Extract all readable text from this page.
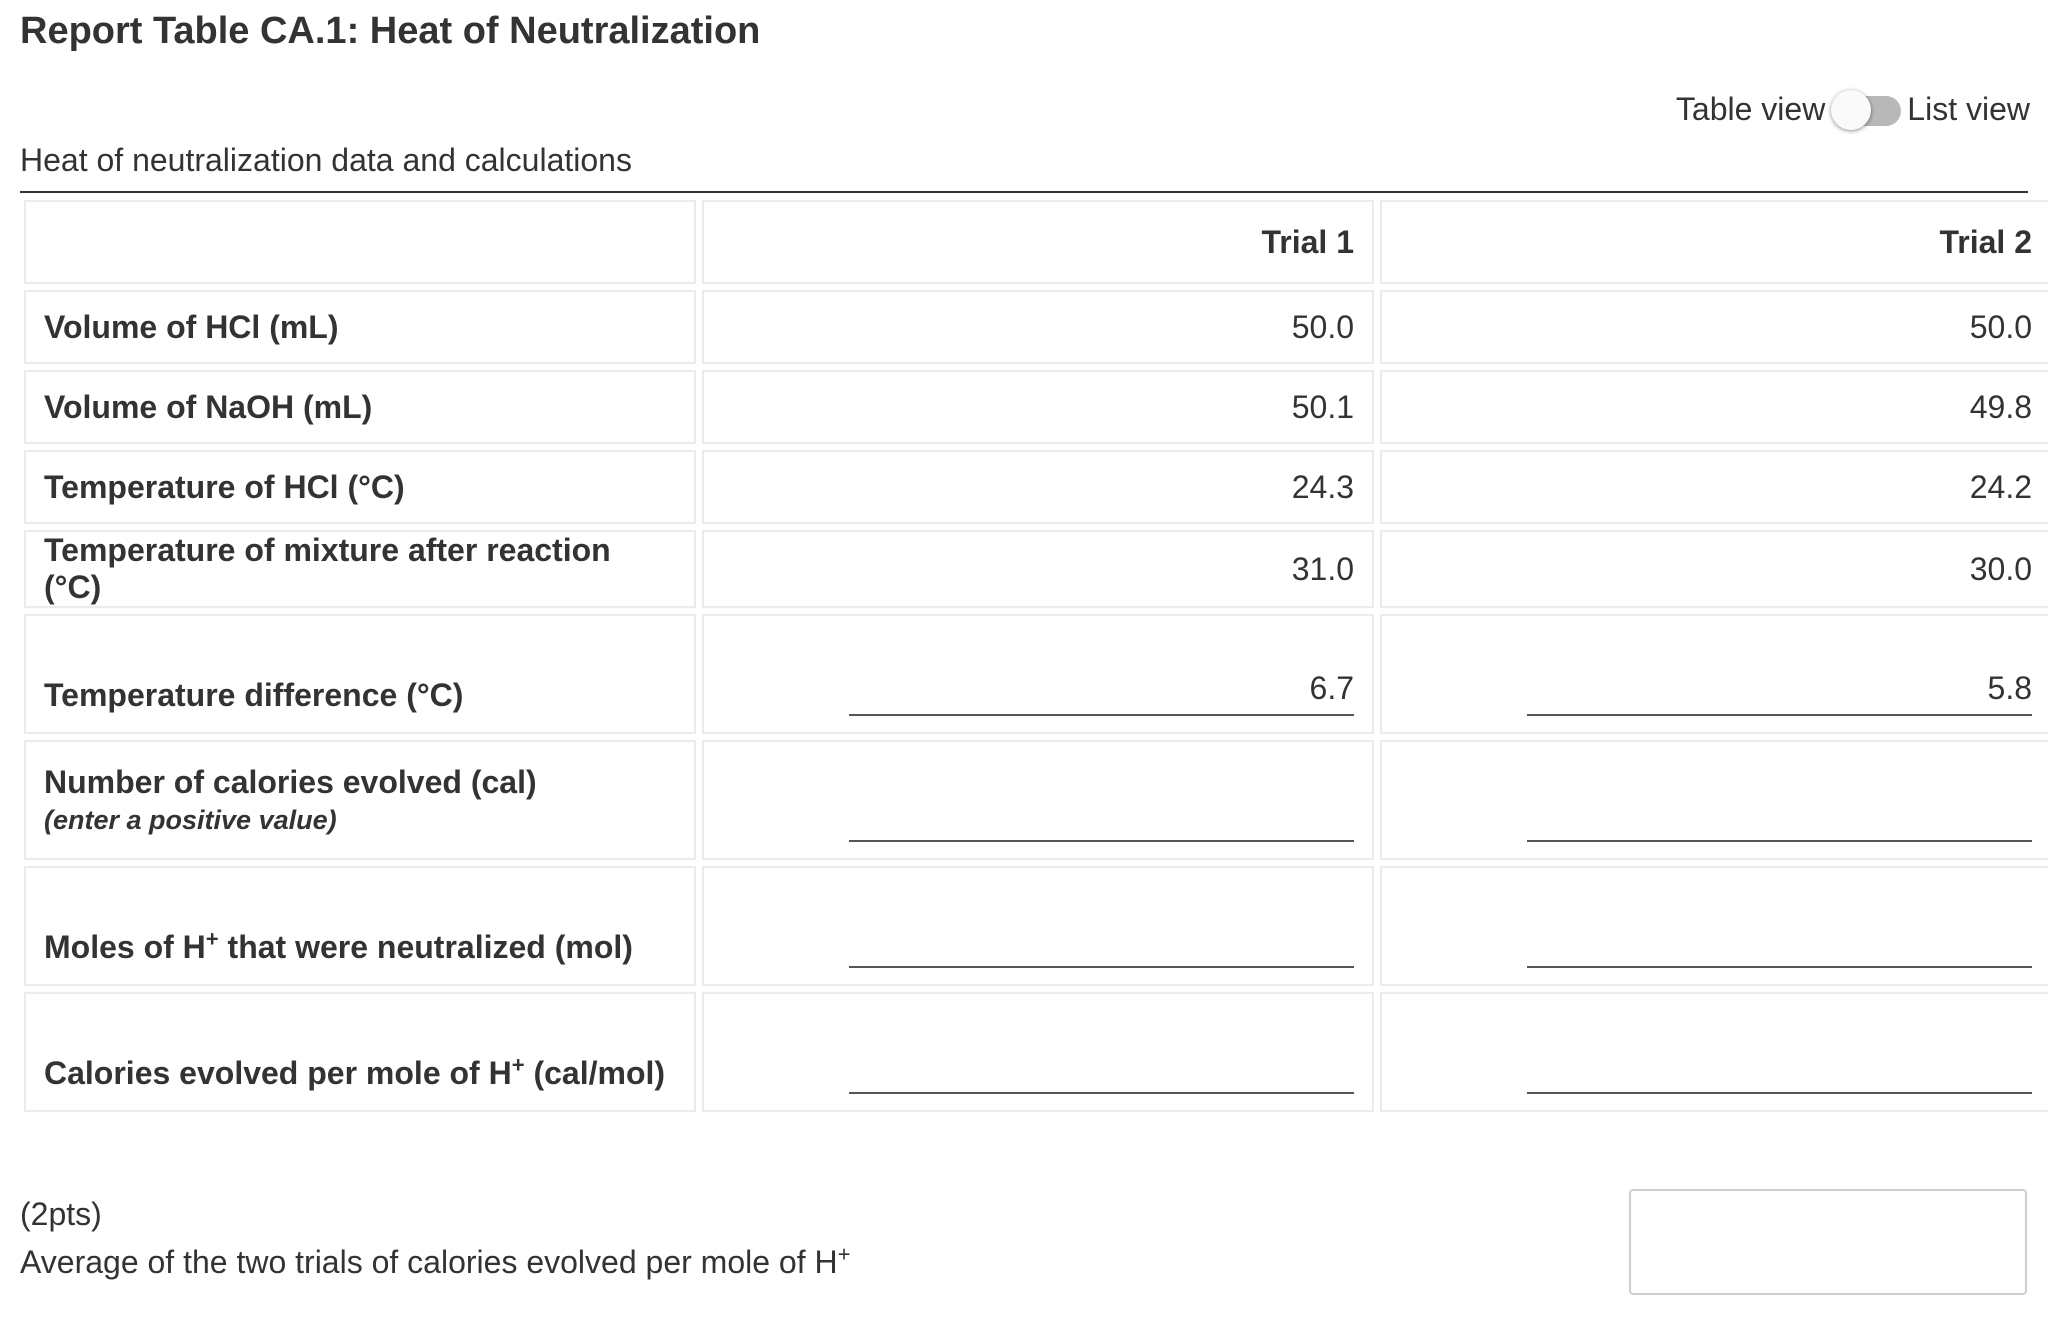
Report Table CA.1: Heat of Neutralization
Table view	List view
Heat of neutralization data and calculations
	Trial 1	Trial 2
Volume of HCl (mL)	50.0	50.0
Volume of NaOH (mL)	50.1	49.8
Temperature of HCl (°C)	24.3	24.2
Temperature of mixture after reaction (°C)	31.0	30.0

Temperature difference (°C)	6.7	5.8

Number of calories evolved (cal)
(enter a positive value)		

Moles of H+ that were neutralized (mol)		

Calories evolved per mole of H+ (cal/mol)		

(2pts)
Average of the two trials of calories evolved per mole of H+
